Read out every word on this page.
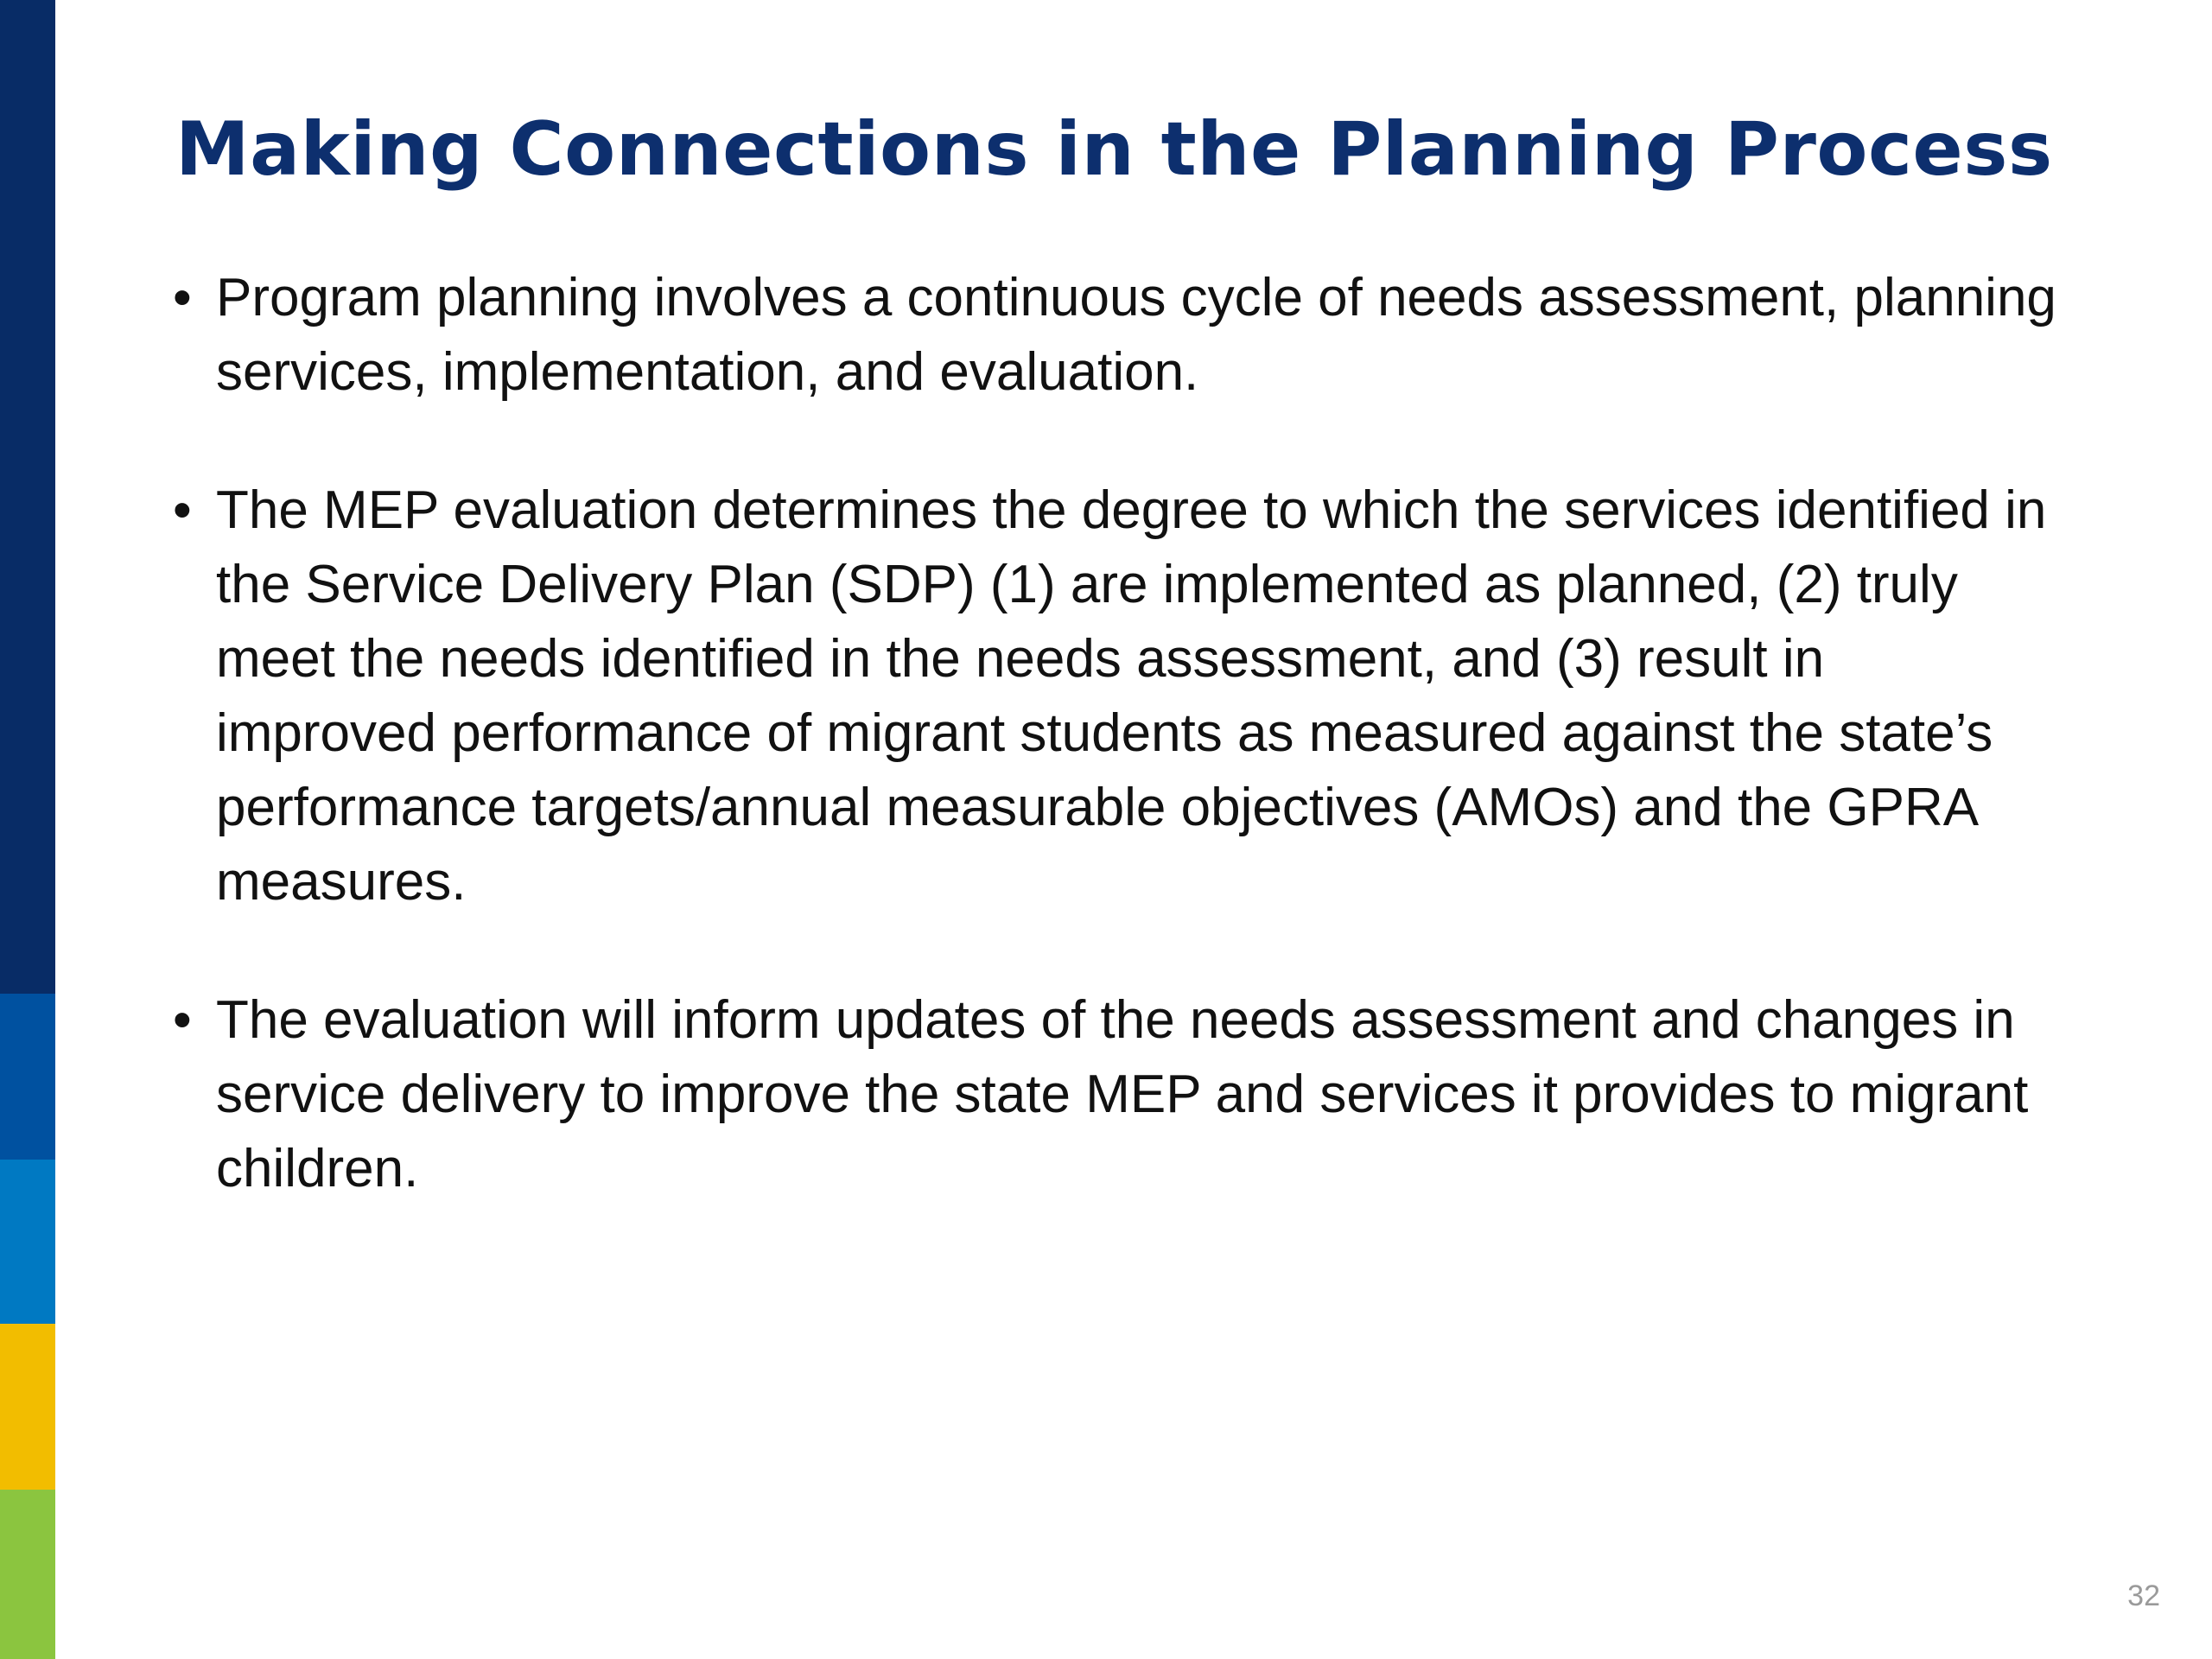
Making Connections in the Planning Process
• Program planning involves a continuous cycle of needs assessment, planning services, implementation, and evaluation.
• The MEP evaluation determines the degree to which the services identified in the Service Delivery Plan (SDP) (1) are implemented as planned, (2) truly meet the needs identified in the needs assessment, and (3) result in improved performance of migrant students as measured against the state’s performance targets/annual measurable objectives (AMOs) and the GPRA measures.
• The evaluation will inform updates of the needs assessment and changes in service delivery to improve the state MEP and services it provides to migrant children.
32
